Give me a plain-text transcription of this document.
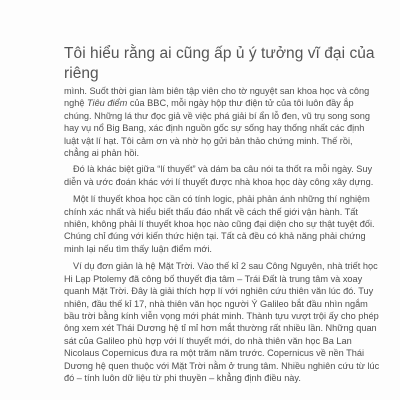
Tôi hiểu rằng ai cũng ấp ủ ý tưởng vĩ đại của riêng

mình. Suốt thời gian làm biên tập viên cho tờ nguyệt san khoa học và công nghệ Tiêu điểm của BBC, mỗi ngày hộp thư điện tử của tôi luôn đầy ắp chúng. Những lá thư đọc giả về việc phá giải bí ẩn lỗ đen, vũ trụ song song hay vụ nổ Big Bang, xác định nguồn gốc sự sống hay thống nhất các định luật vật lí hạt. Tôi cảm ơn và nhờ họ gửi bản thảo chứng minh. Thế rồi, chẳng ai phản hồi.

Đó là khác biệt giữa “lí thuyết” và dám ba câu nói ta thốt ra mỗi ngày. Suy diễn và ước đoán khác với lí thuyết được nhà khoa học dày công xây dựng.

Một lí thuyết khoa học cần có tính logic, phải phản ánh những thí nghiệm chính xác nhất và hiểu biết thấu đáo nhất về cách thế giới vận hành. Tất nhiên, không phải lí thuyết khoa học nào cũng đại diện cho sự thật tuyệt đối. Chúng chỉ đúng với kiến thức hiện tại. Tất cả đều có khả năng phải chứng minh lại nếu tìm thấy luận điểm mới.

Ví dụ đơn giản là hệ Mặt Trời. Vào thế kỉ 2 sau Công Nguyên, nhà triết học Hi Lạp Ptolemy đã công bố thuyết địa tâm – Trái Đất là trung tâm và xoay quanh Mặt Trời. Đây là giải thích hợp lí với nghiên cứu thiên văn lúc đó. Tuy nhiên, đầu thế kỉ 17, nhà thiên văn học người Ý Galileo bắt đầu nhìn ngắm bầu trời bằng kính viễn vọng mới phát minh. Thành tựu vượt trội ấy cho phép ông xem xét Thái Dương hệ tỉ mỉ hơn mắt thường rất nhiều lần. Những quan sát của Galileo phù hợp với lí thuyết mới, do nhà thiên văn học Ba Lan Nicolaus Copernicus đưa ra một trăm năm trước. Copernicus về nền Thái Dương hệ quen thuộc với Mặt Trời nằm ở trung tâm. Nhiều nghiên cứu từ lúc đó – tính luôn dữ liệu từ phi thuyền – khẳng định điều này.
